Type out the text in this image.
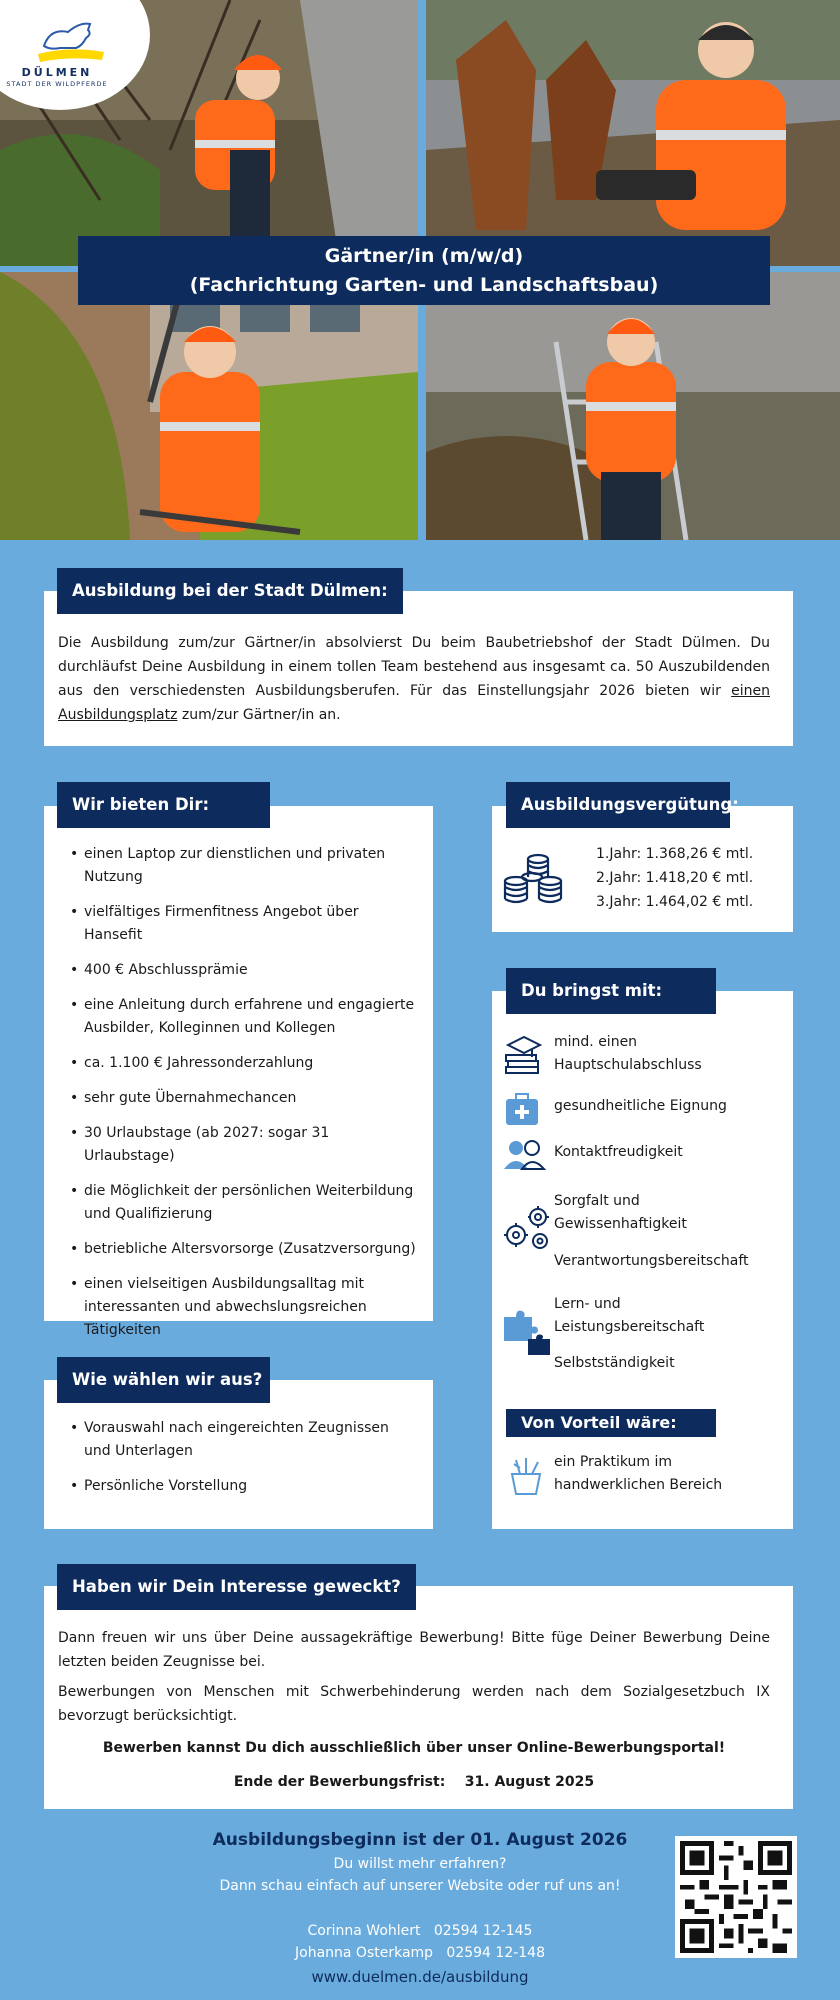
DÜLMEN
STADT DER WILDPFERDE
Gärtner/in (m/w/d)
(Fachrichtung Garten- und Landschaftsbau)
Die Ausbildung zum/zur Gärtner/in absolvierst Du beim Baubetriebshof der Stadt Dülmen. Du durchläufst Deine Ausbildung in einem tollen Team bestehend aus insgesamt ca. 50 Auszubildenden aus den verschiedensten Ausbildungsberufen. Für das Einstellungsjahr 2026 bieten wir einen Ausbildungsplatz zum/zur Gärtner/in an.
Ausbildung bei der Stadt Dülmen:
• einen Laptop zur dienstlichen und privaten Nutzung
• vielfältiges Firmenfitness Angebot über Hansefit
• 400 € Abschlussprämie
• eine Anleitung durch erfahrene und engagierte Ausbilder, Kolleginnen und Kollegen
• ca. 1.100 € Jahressonderzahlung
• sehr gute Übernahmechancen
• 30 Urlaubstage (ab 2027: sogar 31 Urlaubstage)
• die Möglichkeit der persönlichen Weiterbildung und Qualifizierung
• betriebliche Altersvorsorge (Zusatzversorgung)
• einen vielseitigen Ausbildungsalltag mit interessanten und abwechslungsreichen Tätigkeiten
Wir bieten Dir:
1.Jahr: 1.368,26 € mtl.
2.Jahr: 1.418,20 € mtl.
3.Jahr: 1.464,02 € mtl.
Ausbildungsvergütung:
mind. einen Hauptschulabschluss
gesundheitliche Eignung
Kontaktfreudigkeit
Sorgfalt und Gewissenhaftigkeit
Verantwortungsbereitschaft
Lern- und Leistungsbereitschaft
Selbstständigkeit
Von Vorteil wäre:
ein Praktikum im handwerklichen Bereich
Du bringst mit:
• Vorauswahl nach eingereichten Zeugnissen und Unterlagen
• Persönliche Vorstellung
Wie wählen wir aus?
Dann freuen wir uns über Deine aussagekräftige Bewerbung! Bitte füge Deiner Bewerbung Deine letzten beiden Zeugnisse bei.
Bewerbungen von Menschen mit Schwerbehinderung werden nach dem Sozialgesetzbuch IX bevorzugt berücksichtigt.
Bewerben kannst Du dich ausschließlich über unser Online-Bewerbungsportal!
Ende der Bewerbungsfrist: 31. August 2025
Haben wir Dein Interesse geweckt?
Ausbildungsbeginn ist der 01. August 2026
Du willst mehr erfahren?
Dann schau einfach auf unserer Website oder ruf uns an!
Corinna Wohlert 02594 12-145
Johanna Osterkamp 02594 12-148
www.duelmen.de/ausbildung
